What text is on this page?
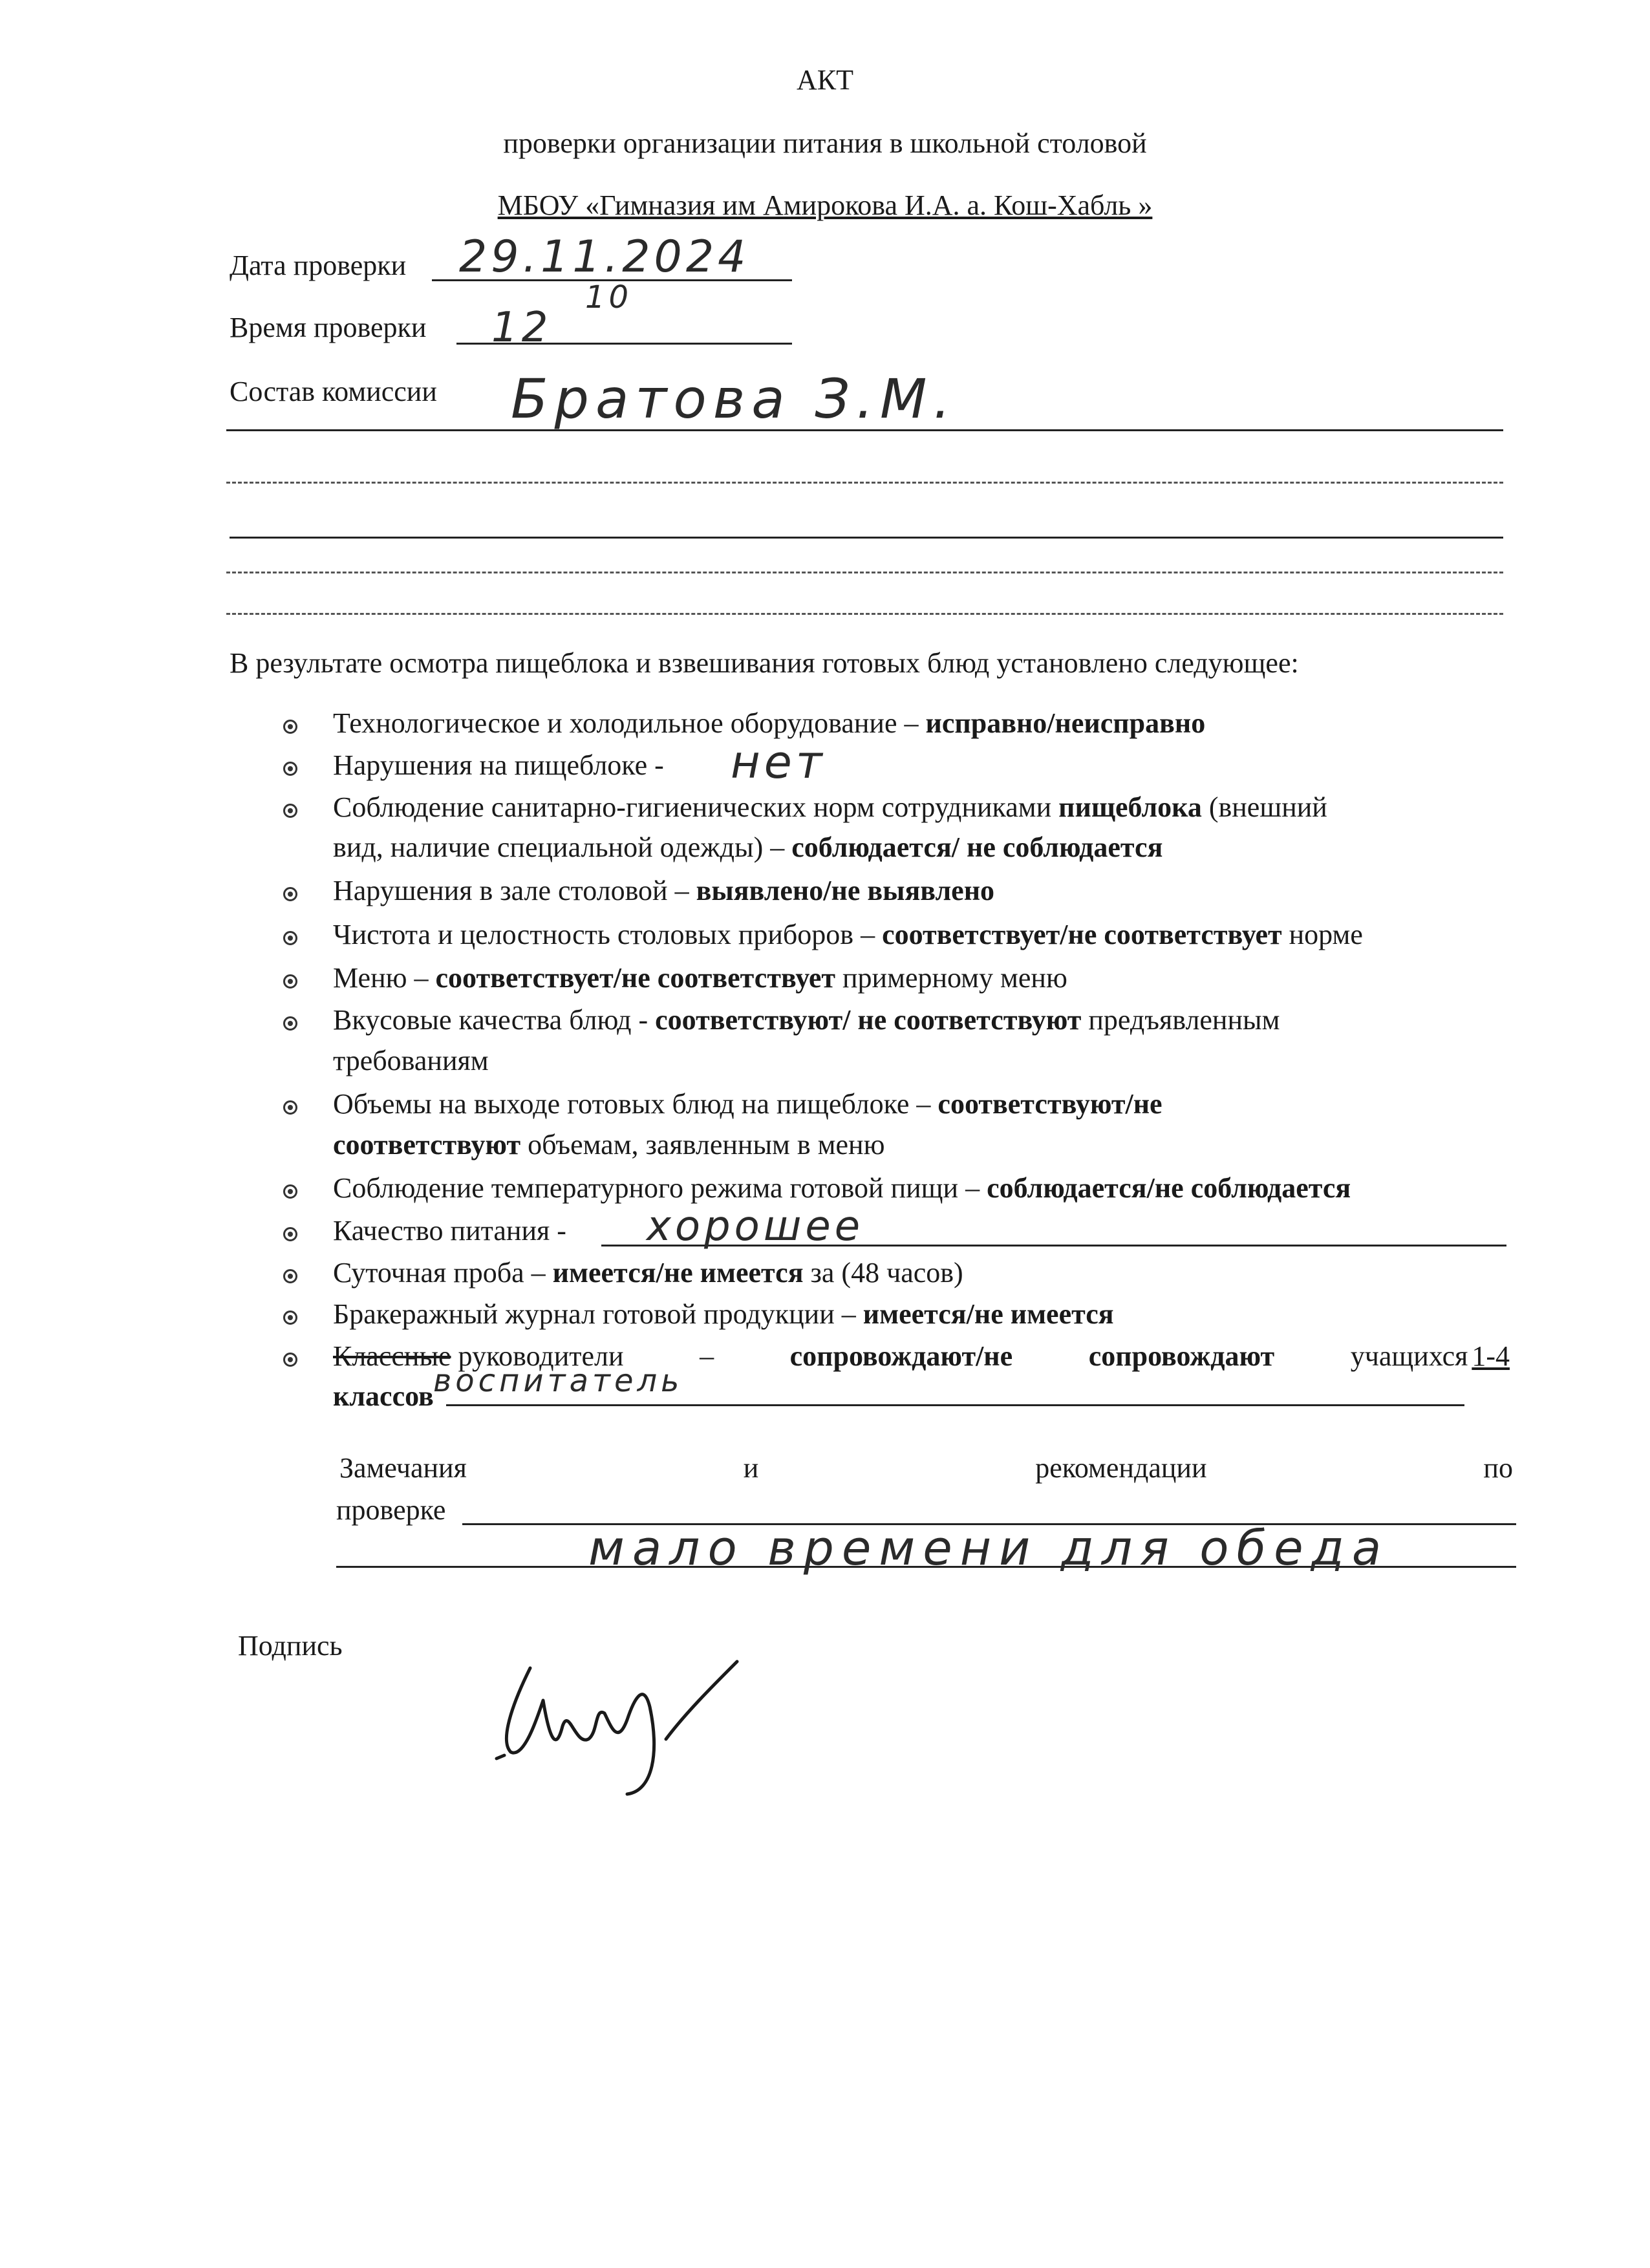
АКТ
проверки организации питания в школьной столовой
МБОУ «Гимназия им Амирокова И.А. а. Кош-Хабль »
Дата проверки 29.11.2024
Время проверки 12
10
Состав комиссии Братова З.М.
В результате осмотра пищеблока и взвешивания готовых блюд установлено следующее:
Технологическое и холодильное оборудование – исправно/неисправно
Нарушения на пищеблоке - нет
Соблюдение санитарно-гигиенических норм сотрудниками пищеблока (внешний
вид, наличие специальной одежды) – соблюдается/ не соблюдается
Нарушения в зале столовой – выявлено/не выявлено
Чистота и целостность столовых приборов – соответствует/не соответствует норме
Меню – соответствует/не соответствует примерному меню
Вкусовые качества блюд - соответствуют/ не соответствуют предъявленным
требованиям
Объемы на выходе готовых блюд на пищеблоке – соответствуют/не
соответствуют объемам, заявленным в меню
Соблюдение температурного режима готовой пищи – соблюдается/не соблюдается
Качество питания - хорошее
Суточная проба – имеется/не имеется за (48 часов)
Бракеражный журнал готовой продукции – имеется/не имеется
Классные руководители	–	сопровождают/не	сопровождают	учащихся 1-4
классов воспитатель
Замечания	и	рекомендации	по
проверке
мало времени для обеда
Подпись
